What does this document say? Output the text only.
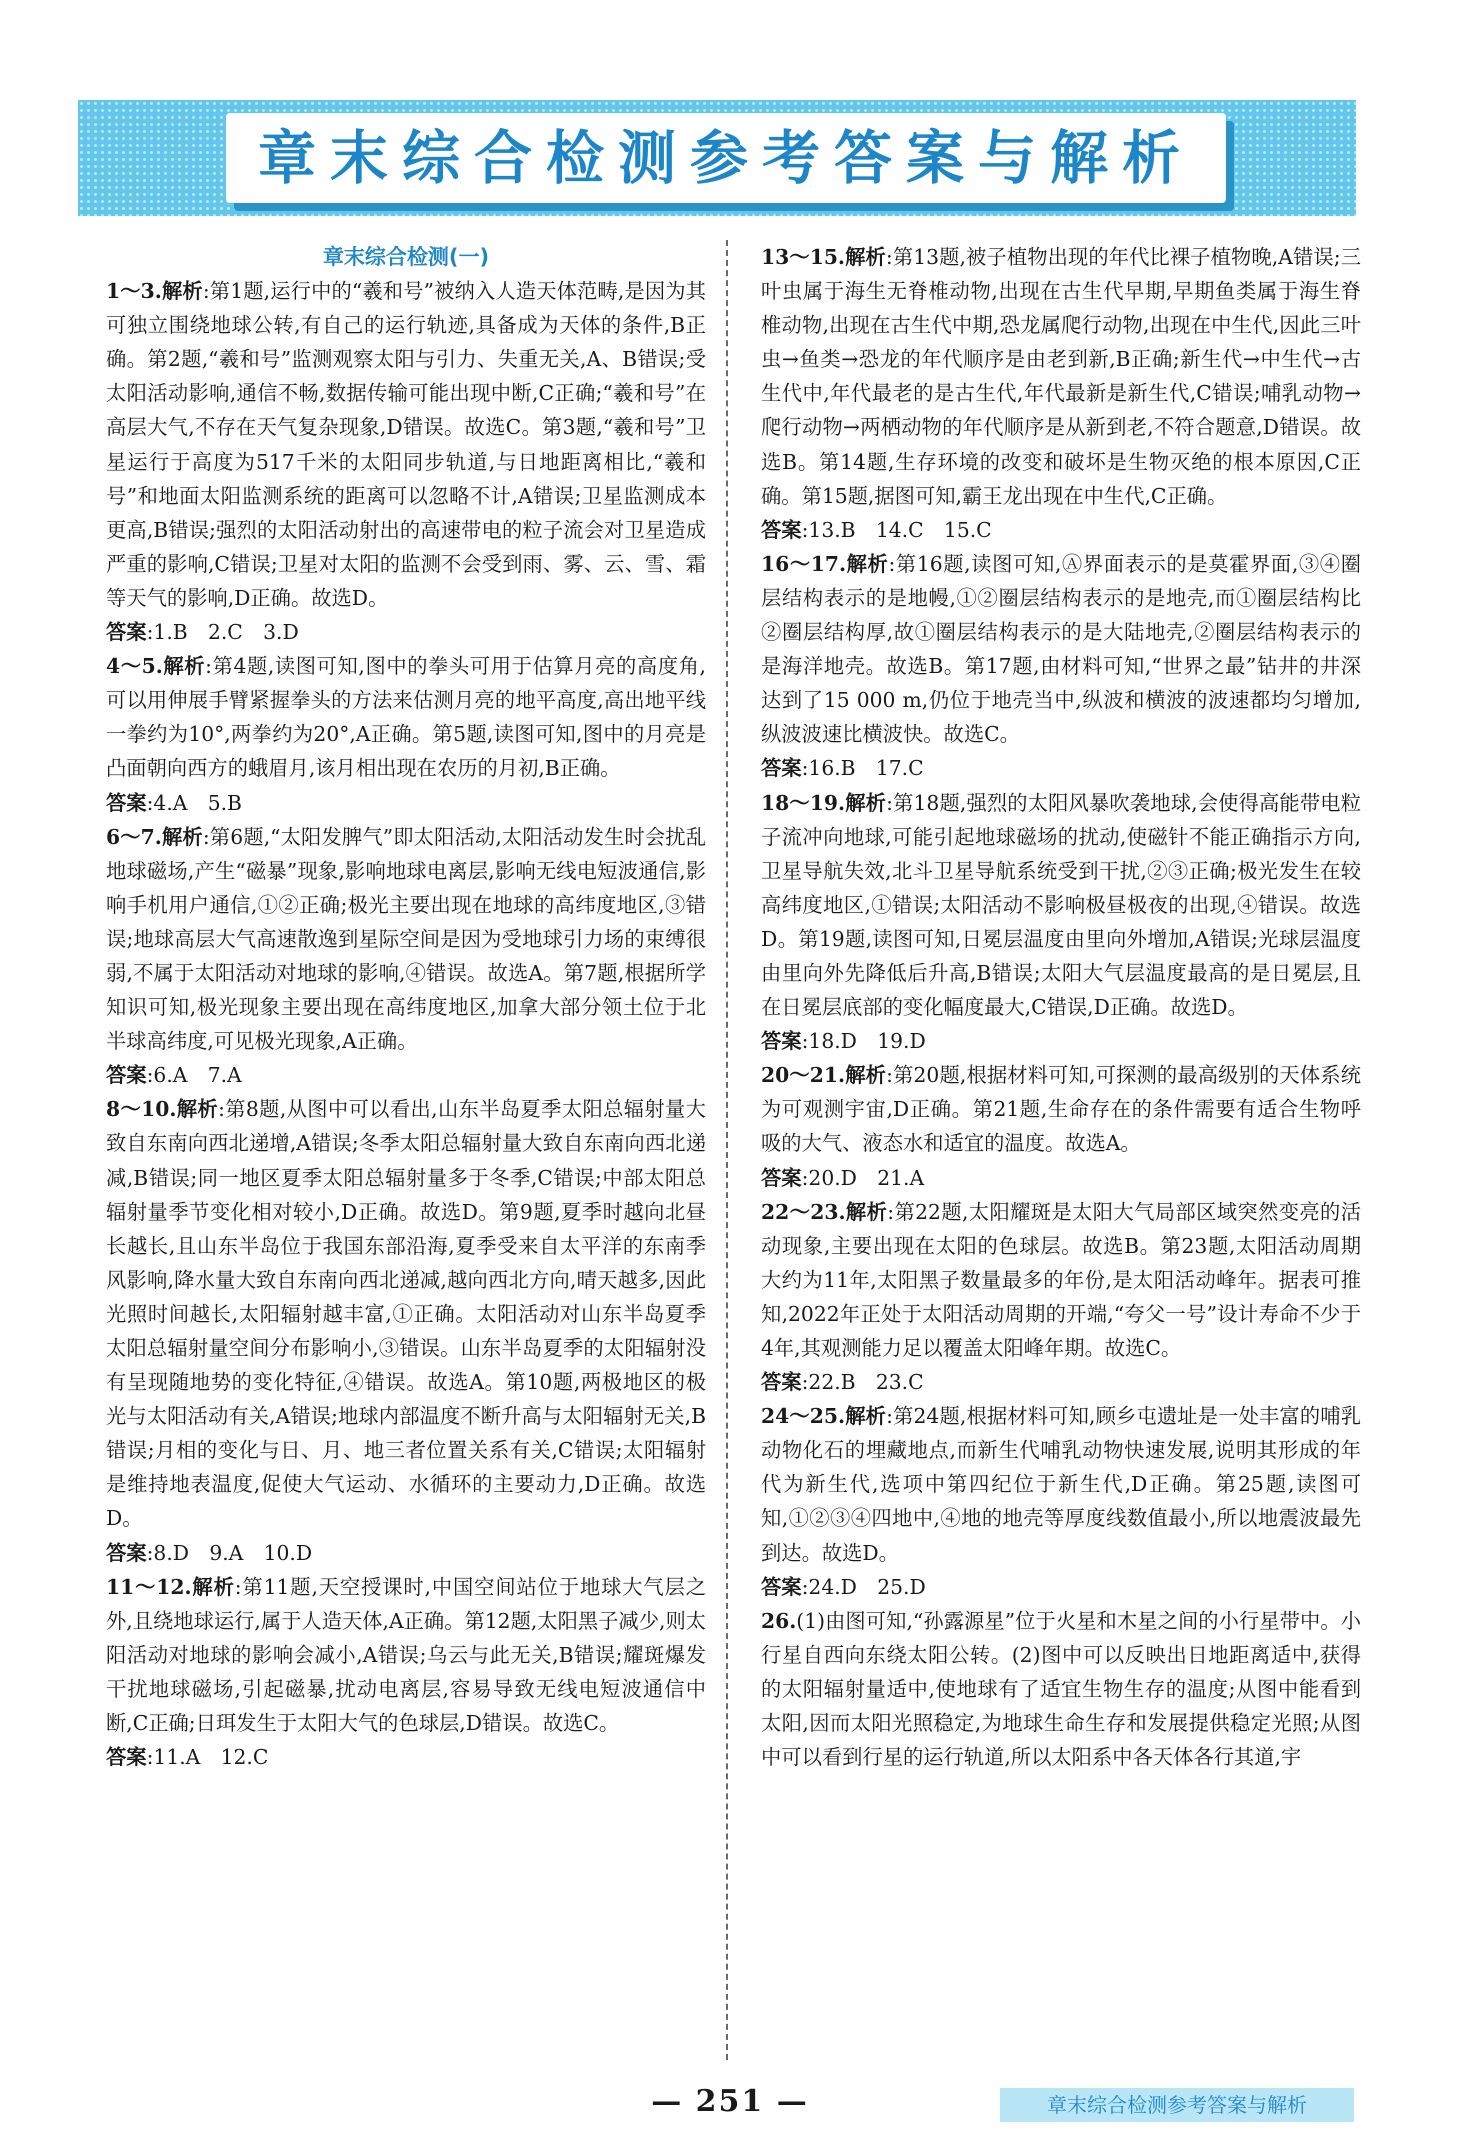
章末综合检测参考答案与解析
章末综合检测(一)

1～3.解析:第1题,运行中的“羲和号”被纳入人造天体范畴,是因为其可独立围绕地球公转,有自己的运行轨迹,具备成为天体的条件,B正确。第2题,“羲和号”监测观察太阳与引力、失重无关,A、B错误;受太阳活动影响,通信不畅,数据传输可能出现中断,C正确;“羲和号”在高层大气,不存在天气复杂现象,D错误。故选C。第3题,“羲和号”卫星运行于高度为517千米的太阳同步轨道,与日地距离相比,“羲和号”和地面太阳监测系统的距离可以忽略不计,A错误;卫星监测成本更高,B错误;强烈的太阳活动射出的高速带电的粒子流会对卫星造成严重的影响,C错误;卫星对太阳的监测不会受到雨、雾、云、雪、霜等天气的影响,D正确。故选D。

答案:1.B　2.C　3.D

4～5.解析:第4题,读图可知,图中的拳头可用于估算月亮的高度角,可以用伸展手臂紧握拳头的方法来估测月亮的地平高度,高出地平线一拳约为10°,两拳约为20°,A正确。第5题,读图可知,图中的月亮是凸面朝向西方的蛾眉月,该月相出现在农历的月初,B正确。

答案:4.A　5.B

6～7.解析:第6题,“太阳发脾气”即太阳活动,太阳活动发生时会扰乱地球磁场,产生“磁暴”现象,影响地球电离层,影响无线电短波通信,影响手机用户通信,①②正确;极光主要出现在地球的高纬度地区,③错误;地球高层大气高速散逸到星际空间是因为受地球引力场的束缚很弱,不属于太阳活动对地球的影响,④错误。故选A。第7题,根据所学知识可知,极光现象主要出现在高纬度地区,加拿大部分领土位于北半球高纬度,可见极光现象,A正确。

答案:6.A　7.A

8～10.解析:第8题,从图中可以看出,山东半岛夏季太阳总辐射量大致自东南向西北递增,A错误;冬季太阳总辐射量大致自东南向西北递减,B错误;同一地区夏季太阳总辐射量多于冬季,C错误;中部太阳总辐射量季节变化相对较小,D正确。故选D。第9题,夏季时越向北昼长越长,且山东半岛位于我国东部沿海,夏季受来自太平洋的东南季风影响,降水量大致自东南向西北递减,越向西北方向,晴天越多,因此光照时间越长,太阳辐射越丰富,①正确。太阳活动对山东半岛夏季太阳总辐射量空间分布影响小,③错误。山东半岛夏季的太阳辐射没有呈现随地势的变化特征,④错误。故选A。第10题,两极地区的极光与太阳活动有关,A错误;地球内部温度不断升高与太阳辐射无关,B错误;月相的变化与日、月、地三者位置关系有关,C错误;太阳辐射是维持地表温度,促使大气运动、水循环的主要动力,D正确。故选D。

答案:8.D　9.A　10.D

11～12.解析:第11题,天空授课时,中国空间站位于地球大气层之外,且绕地球运行,属于人造天体,A正确。第12题,太阳黑子减少,则太阳活动对地球的影响会减小,A错误;乌云与此无关,B错误;耀斑爆发干扰地球磁场,引起磁暴,扰动电离层,容易导致无线电短波通信中断,C正确;日珥发生于太阳大气的色球层,D错误。故选C。

答案:11.A　12.C

13～15.解析:第13题,被子植物出现的年代比裸子植物晚,A错误;三叶虫属于海生无脊椎动物,出现在古生代早期,早期鱼类属于海生脊椎动物,出现在古生代中期,恐龙属爬行动物,出现在中生代,因此三叶虫→鱼类→恐龙的年代顺序是由老到新,B正确;新生代→中生代→古生代中,年代最老的是古生代,年代最新是新生代,C错误;哺乳动物→爬行动物→两栖动物的年代顺序是从新到老,不符合题意,D错误。故选B。第14题,生存环境的改变和破坏是生物灭绝的根本原因,C正确。第15题,据图可知,霸王龙出现在中生代,C正确。

答案:13.B　14.C　15.C

16～17.解析:第16题,读图可知,Ⓐ界面表示的是莫霍界面,③④圈层结构表示的是地幔,①②圈层结构表示的是地壳,而①圈层结构比②圈层结构厚,故①圈层结构表示的是大陆地壳,②圈层结构表示的是海洋地壳。故选B。第17题,由材料可知,“世界之最”钻井的井深达到了15 000 m,仍位于地壳当中,纵波和横波的波速都均匀增加,纵波波速比横波快。故选C。

答案:16.B　17.C

18～19.解析:第18题,强烈的太阳风暴吹袭地球,会使得高能带电粒子流冲向地球,可能引起地球磁场的扰动,使磁针不能正确指示方向,卫星导航失效,北斗卫星导航系统受到干扰,②③正确;极光发生在较高纬度地区,①错误;太阳活动不影响极昼极夜的出现,④错误。故选D。第19题,读图可知,日冕层温度由里向外增加,A错误;光球层温度由里向外先降低后升高,B错误;太阳大气层温度最高的是日冕层,且在日冕层底部的变化幅度最大,C错误,D正确。故选D。

答案:18.D　19.D

20～21.解析:第20题,根据材料可知,可探测的最高级别的天体系统为可观测宇宙,D正确。第21题,生命存在的条件需要有适合生物呼吸的大气、液态水和适宜的温度。故选A。

答案:20.D　21.A

22～23.解析:第22题,太阳耀斑是太阳大气局部区域突然变亮的活动现象,主要出现在太阳的色球层。故选B。第23题,太阳活动周期大约为11年,太阳黑子数量最多的年份,是太阳活动峰年。据表可推知,2022年正处于太阳活动周期的开端,“夸父一号”设计寿命不少于4年,其观测能力足以覆盖太阳峰年期。故选C。

答案:22.B　23.C

24～25.解析:第24题,根据材料可知,顾乡屯遗址是一处丰富的哺乳动物化石的埋藏地点,而新生代哺乳动物快速发展,说明其形成的年代为新生代,选项中第四纪位于新生代,D正确。第25题,读图可知,①②③④四地中,④地的地壳等厚度线数值最小,所以地震波最先到达。故选D。

答案:24.D　25.D

26.(1)由图可知,“孙露源星”位于火星和木星之间的小行星带中。小行星自西向东绕太阳公转。(2)图中可以反映出日地距离适中,获得的太阳辐射量适中,使地球有了适宜生物生存的温度;从图中能看到太阳,因而太阳光照稳定,为地球生命生存和发展提供稳定光照;从图中可以看到行星的运行轨道,所以太阳系中各天体各行其道,宇

— 251 —	章末综合检测参考答案与解析
